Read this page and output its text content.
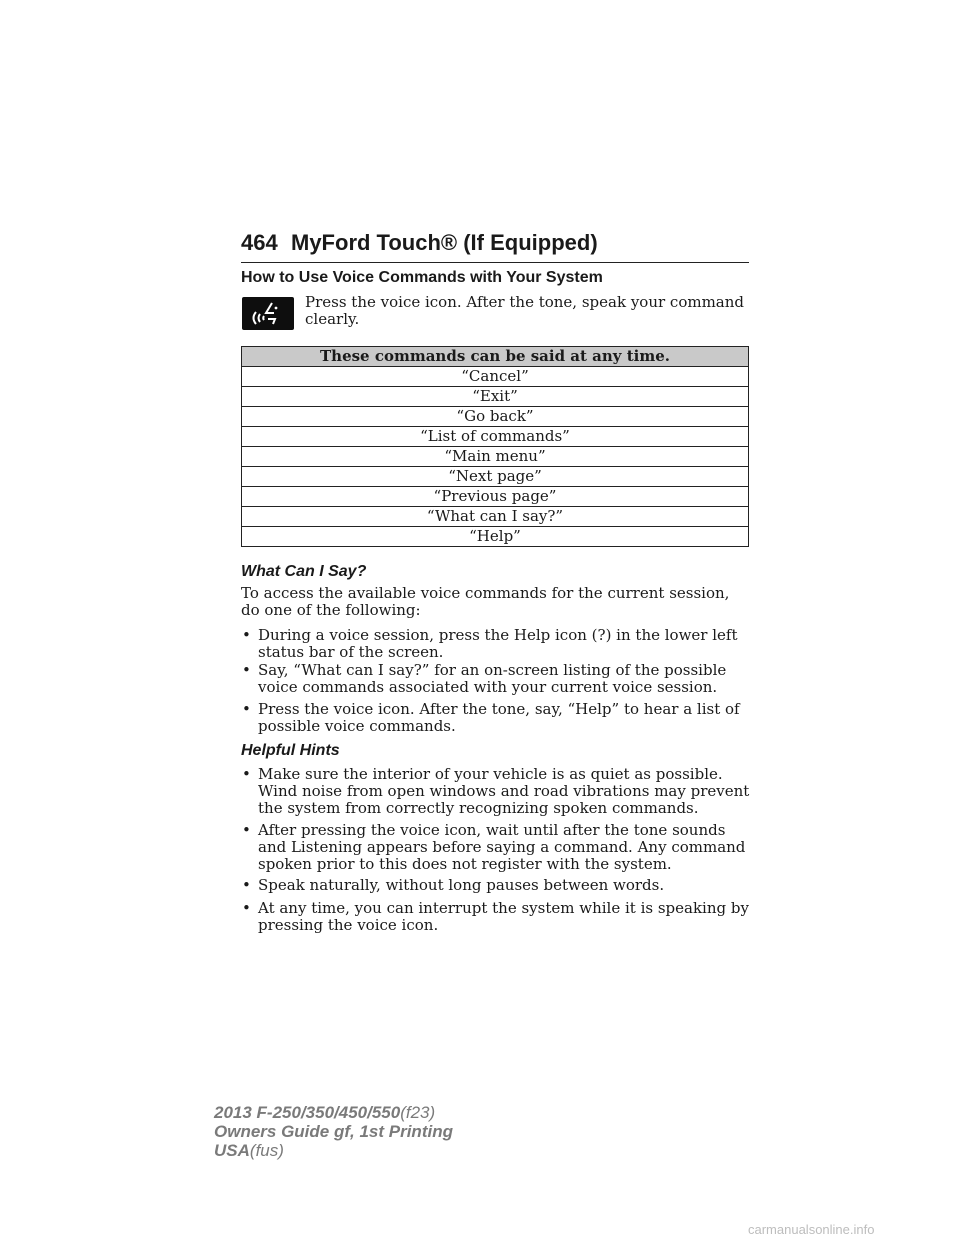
464 MyFord Touch® (If Equipped)
How to Use Voice Commands with Your System
Press the voice icon. After the tone, speak your command clearly.
These commands can be said at any time.
“Cancel”
“Exit”
“Go back”
“List of commands”
“Main menu”
“Next page”
“Previous page”
“What can I say?”
“Help”
What Can I Say?
To access the available voice commands for the current session, do one of the following:
• During a voice session, press the Help icon (?) in the lower left status bar of the screen.
• Say, “What can I say?” for an on-screen listing of the possible voice commands associated with your current voice session.
• Press the voice icon. After the tone, say, “Help” to hear a list of possible voice commands.
Helpful Hints
• Make sure the interior of your vehicle is as quiet as possible. Wind noise from open windows and road vibrations may prevent the system from correctly recognizing spoken commands.
• After pressing the voice icon, wait until after the tone sounds and Listening appears before saying a command. Any command spoken prior to this does not register with the system.
• Speak naturally, without long pauses between words.
• At any time, you can interrupt the system while it is speaking by pressing the voice icon.
2013 F-250/350/450/550(f23)
Owners Guide gf, 1st Printing
USA(fus)
carmanualsonline.info
